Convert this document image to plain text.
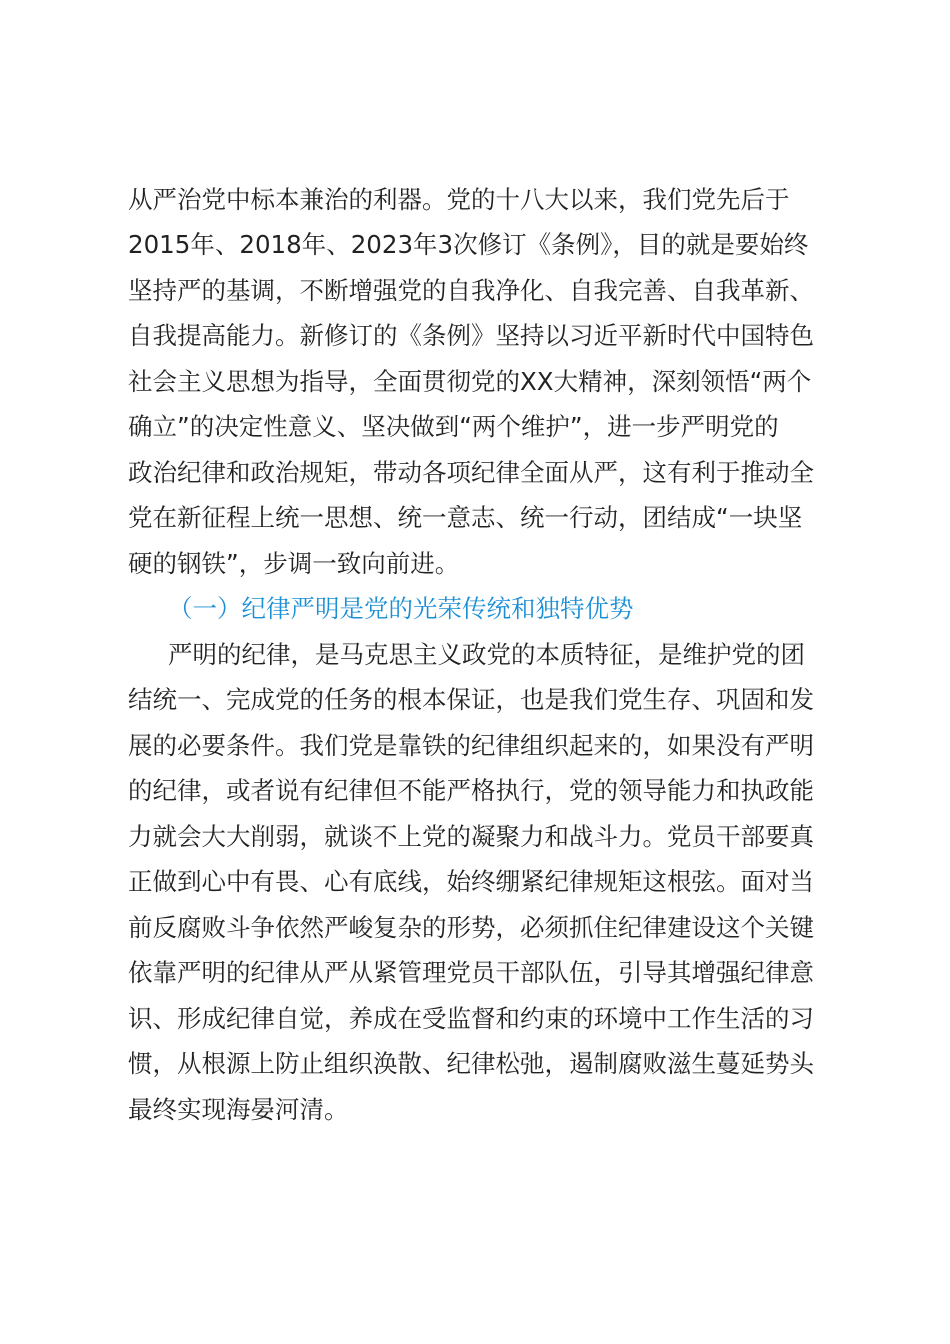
从严治党中标本兼治的利器。党的十八大以来，我们党先后于
2015年、2018年、2023年3次修订《条例》，目的就是要始终
坚持严的基调，不断增强党的自我净化、自我完善、自我革新、
自我提高能力。新修订的《条例》坚持以习近平新时代中国特色
社会主义思想为指导，全面贯彻党的XX大精神，深刻领悟“两个
确立”的决定性意义、坚决做到“两个维护”，进一步严明党的
政治纪律和政治规矩，带动各项纪律全面从严，这有利于推动全
党在新征程上统一思想、统一意志、统一行动，团结成“一块坚
硬的钢铁”，步调一致向前进。
（一）纪律严明是党的光荣传统和独特优势
严明的纪律，是马克思主义政党的本质特征，是维护党的团
结统一、完成党的任务的根本保证，也是我们党生存、巩固和发
展的必要条件。我们党是靠铁的纪律组织起来的，如果没有严明
的纪律，或者说有纪律但不能严格执行，党的领导能力和执政能
力就会大大削弱，就谈不上党的凝聚力和战斗力。党员干部要真
正做到心中有畏、心有底线，始终绷紧纪律规矩这根弦。面对当
前反腐败斗争依然严峻复杂的形势，必须抓住纪律建设这个关键
依靠严明的纪律从严从紧管理党员干部队伍，引导其增强纪律意
识、形成纪律自觉，养成在受监督和约束的环境中工作生活的习
惯，从根源上防止组织涣散、纪律松弛，遏制腐败滋生蔓延势头
最终实现海晏河清。
